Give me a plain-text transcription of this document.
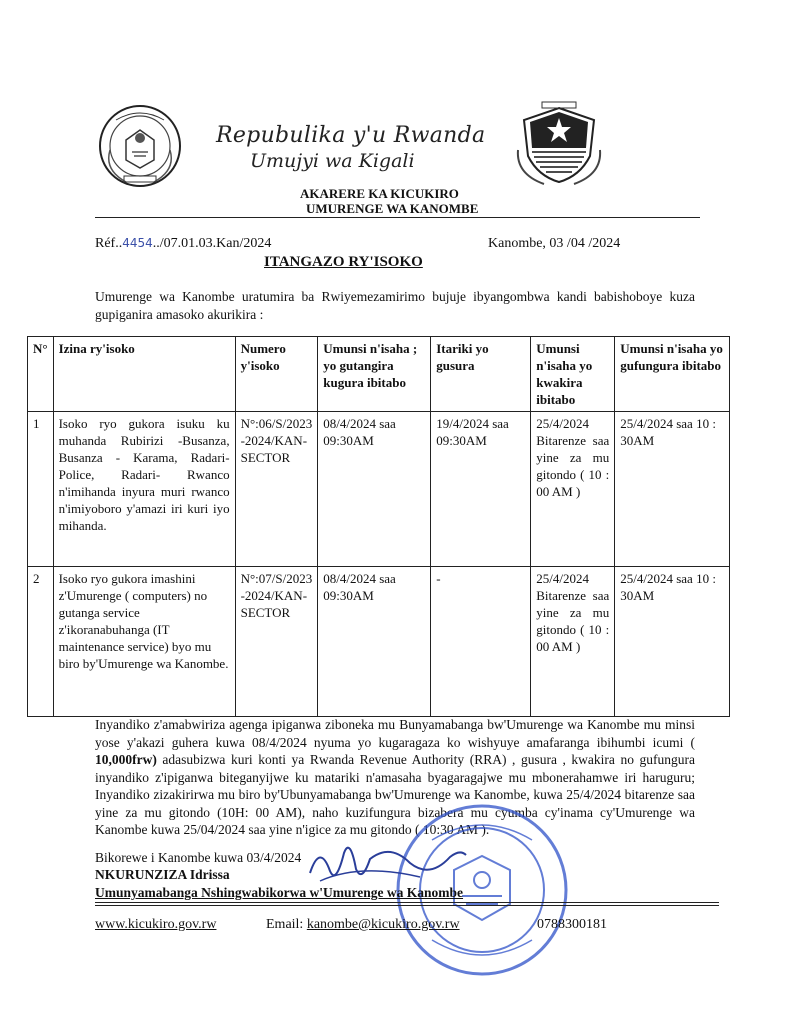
Repubulika y'u Rwanda
Umujyi wa Kigali
AKARERE KA KICUKIRO
UMURENGE WA KANOMBE
Réf..4454../07.01.03.Kan/2024	Kanombe, 03 /04 /2024
ITANGAZO RY'ISOKO
Umurenge wa Kanombe uratumira ba Rwiyemezamirimo bujuje ibyangombwa kandi babishoboye kuza gupiganira amasoko akurikira :
N°	Izina ry'isoko	Numero y'isoko	Umunsi n'isaha ; yo gutangira kugura ibitabo	Itariki yo gusura	Umunsi n'isaha yo kwakira ibitabo	Umunsi n'isaha yo gufungura ibitabo
1	Isoko ryo gukora isuku ku muhanda Rubirizi -Busanza, Busanza - Karama, Radari-Police, Radari- Rwanco n'imihanda inyura muri rwanco n'imiyoboro y'amazi iri kuri iyo mihanda.	N°:06/S/2023 -2024/KAN-SECTOR	08/4/2024 saa 09:30AM	19/4/2024 saa 09:30AM	25/4/2024 Bitarenze saa yine za mu gitondo ( 10 : 00 AM )	25/4/2024 saa 10 : 30AM
2	Isoko ryo gukora imashini z'Umurenge ( computers) no gutanga service z'ikoranabuhanga (IT maintenance service) byo mu biro by'Umurenge wa Kanombe.	N°:07/S/2023 -2024/KAN-SECTOR	08/4/2024 saa 09:30AM	-	25/4/2024 Bitarenze saa yine za mu gitondo ( 10 : 00 AM )	25/4/2024 saa 10 : 30AM
Inyandiko z'amabwiriza agenga ipiganwa ziboneka mu Bunyamabanga bw'Umurenge wa Kanombe mu minsi yose y'akazi guhera kuwa 08/4/2024 nyuma yo kugaragaza ko wishyuye amafaranga ibihumbi icumi ( 10,000frw) adasubizwa kuri konti ya Rwanda Revenue Authority (RRA) , gusura , kwakira no gufungura inyandiko z'ipiganwa biteganyijwe ku matariki n'amasaha byagaragajwe mu mbonerahamwe iri haruguru; Inyandiko zizakirirwa mu biro by'Ubunyamabanga bw'Umurenge wa Kanombe, kuwa 25/4/2024 bitarenze saa yine za mu gitondo (10H: 00 AM), naho kuzifungura bizabera mu cyumba cy'inama cy'Umurenge wa Kanombe kuwa 25/04/2024 saa yine n'igice za mu gitondo ( 10:30 AM ).
Bikorewe i Kanombe kuwa 03/4/2024
NKURUNZIZA Idrissa
Umunyamabanga Nshingwabikorwa w'Umurenge wa Kanombe
www.kicukiro.gov.rw	Email: kanombe@kicukiro.gov.rw	0788300181
